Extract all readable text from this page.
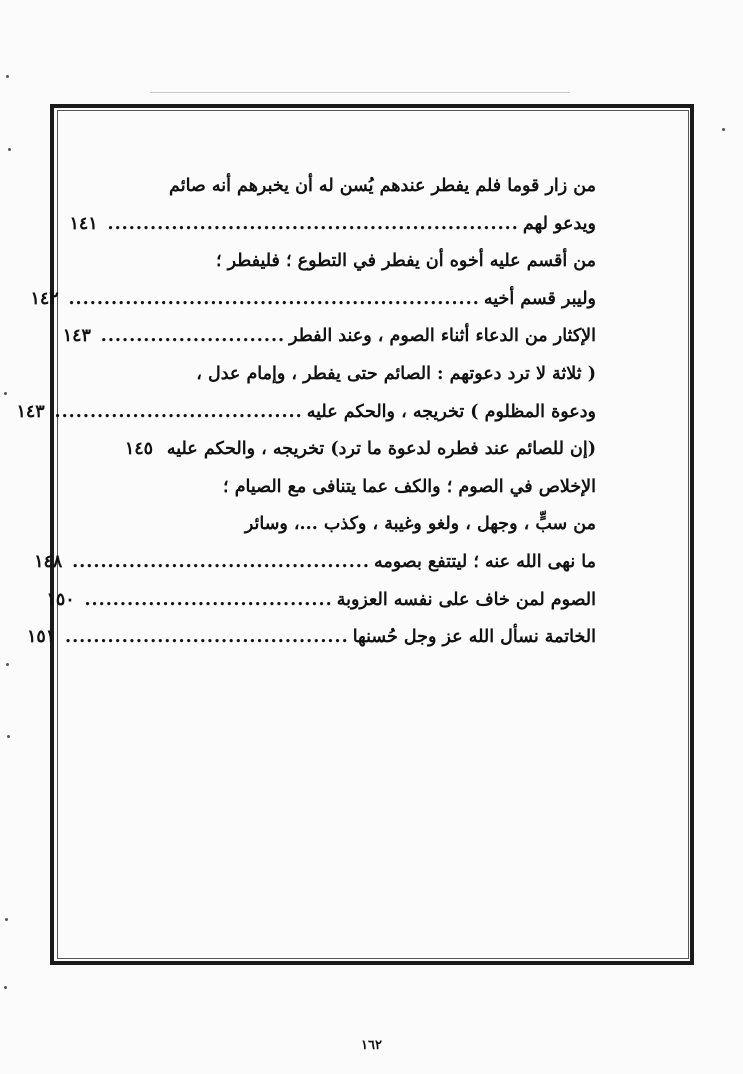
من زار قوما فلم يفطر عندهم يُسن له أن يخبرهم أنه صائم
ويدعو لهم
..........................................................
١٤١
من أقسم عليه أخوه أن يفطر في التطوع ؛ فليفطر ؛
وليبر قسم أخيه
..........................................................
١٤٢
الإكثار من الدعاء أثناء الصوم ، وعند الفطر
..........................
١٤٣
( ثلاثة لا ترد دعوتهم : الصائم حتى يفطر ، وإمام عدل ،
ودعوة المظلوم ) تخريجه ، والحكم عليه
...................................
١٤٣
(إن للصائم عند فطره لدعوة ما ترد) تخريجه ، والحكم عليه
١٤٥
الإخلاص في الصوم ؛ والكف عما يتنافى مع الصيام ؛
من سبٍّ ، وجهل ، ولغو وغيبة ، وكذب ...، وسائر
ما نهى الله عنه ؛ ليتتفع بصومه
..........................................
١٤٨
الصوم لمن خاف على نفسه العزوبة
...................................
١٥٠
الخاتمة نسأل الله عز وجل حُسنها
........................................
١٥١
١٦٢
